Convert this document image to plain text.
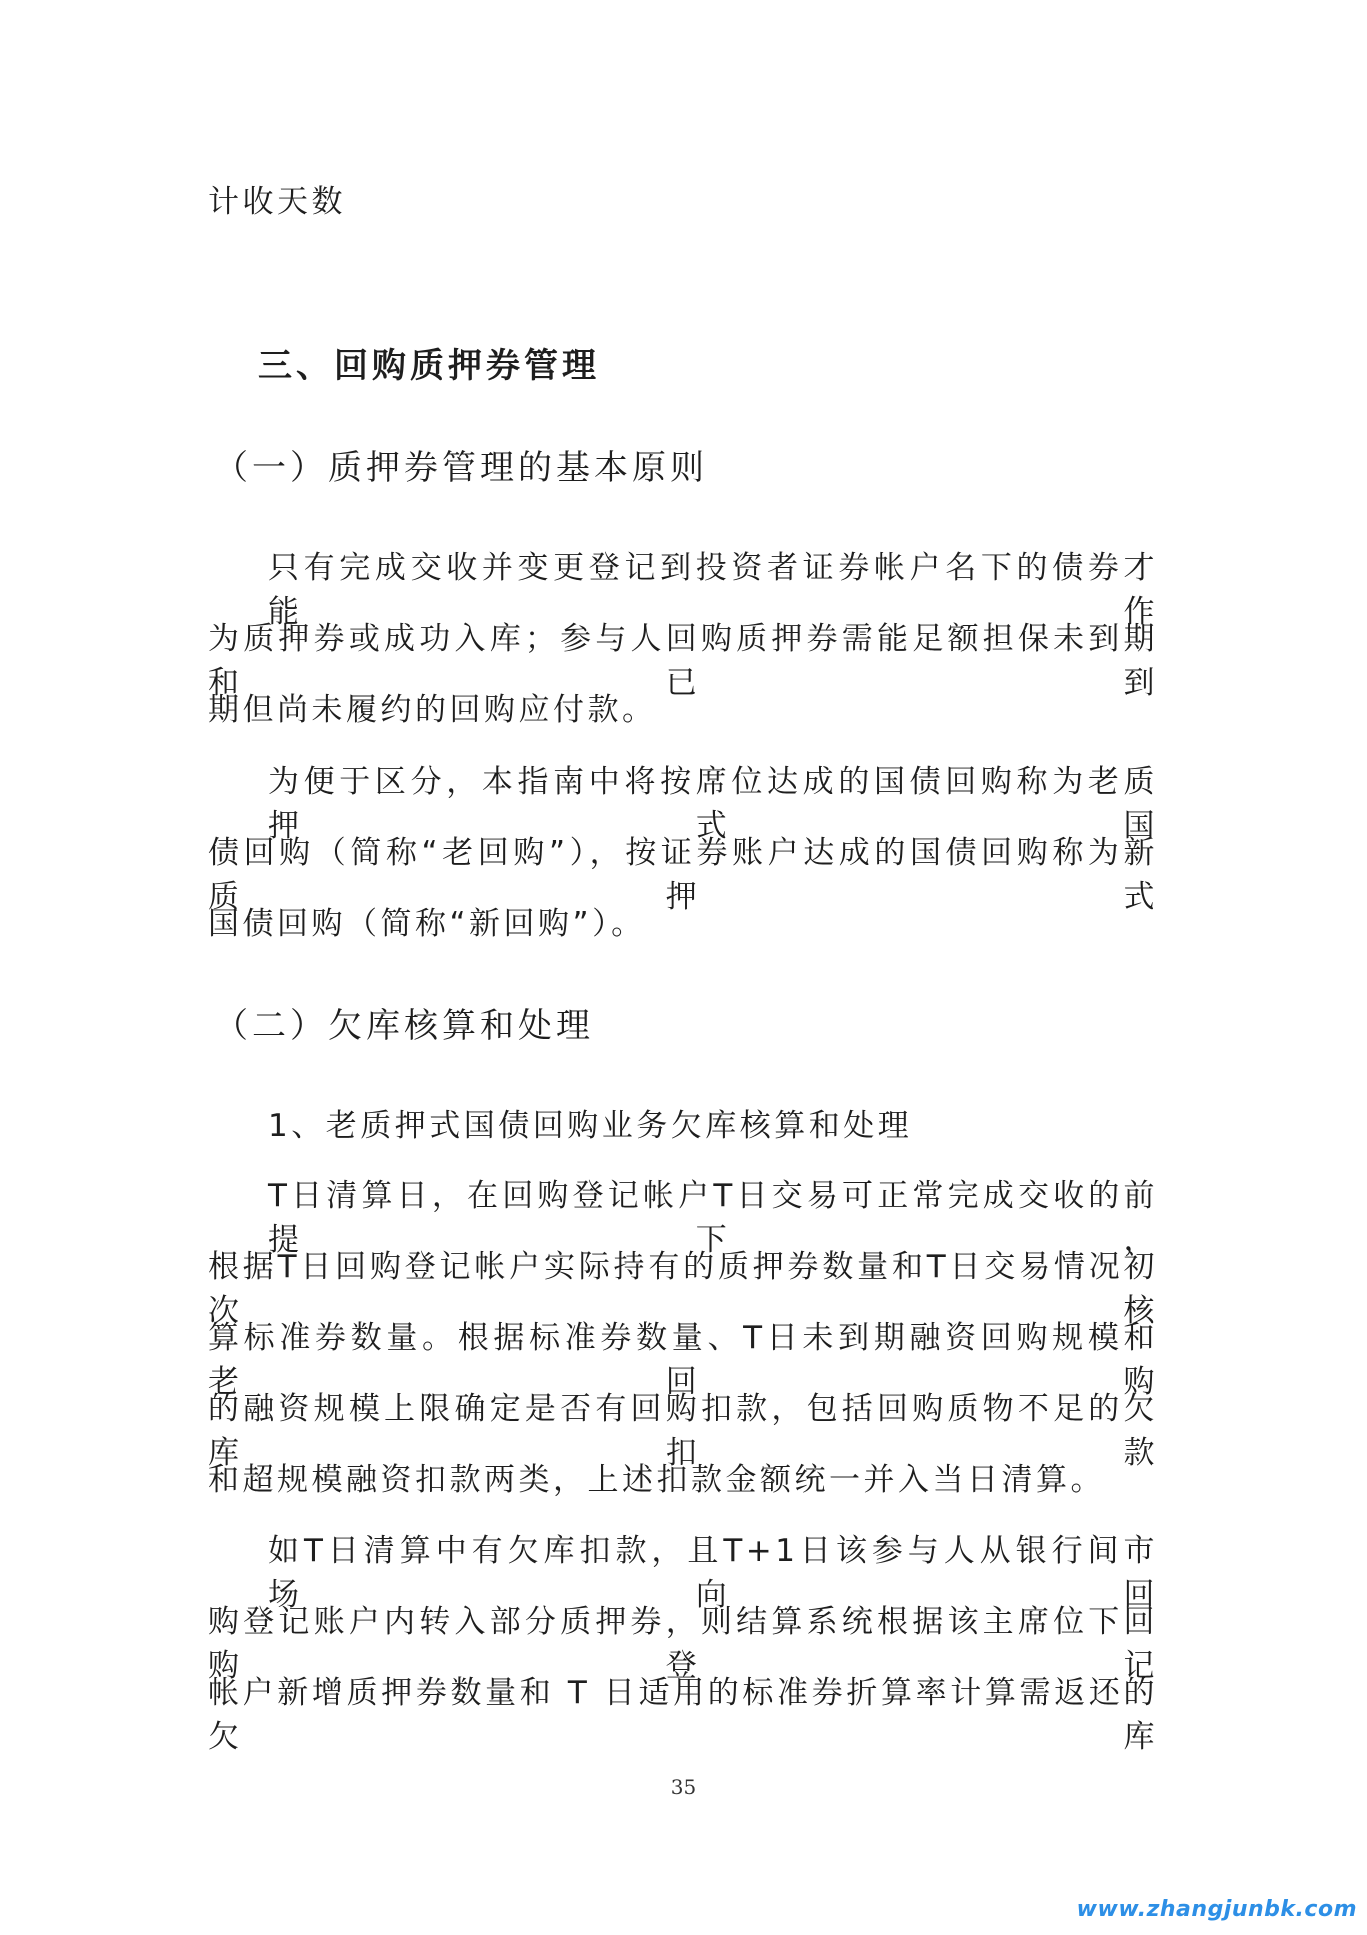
计收天数

三、回购质押券管理

（一）质押券管理的基本原则

只有完成交收并变更登记到投资者证券帐户名下的债券才能作

为质押券或成功入库；参与人回购质押券需能足额担保未到期和已到

期但尚未履约的回购应付款。

为便于区分，本指南中将按席位达成的国债回购称为老质押式国

债回购（简称“老回购”），按证券账户达成的国债回购称为新质押式

国债回购（简称“新回购”）。

（二）欠库核算和处理

1、老质押式国债回购业务欠库核算和处理

T日清算日，在回购登记帐户T日交易可正常完成交收的前提下，

根据T日回购登记帐户实际持有的质押券数量和T日交易情况初次核

算标准券数量。根据标准券数量、T日未到期融资回购规模和老回购

的融资规模上限确定是否有回购扣款，包括回购质物不足的欠库扣款

和超规模融资扣款两类，上述扣款金额统一并入当日清算。

如T日清算中有欠库扣款，且T+1日该参与人从银行间市场向回

购登记账户内转入部分质押券，则结算系统根据该主席位下回购登记

帐户新增质押券数量和 T 日适用的标准券折算率计算需返还的欠库

35
www.zhangjunbk.com
